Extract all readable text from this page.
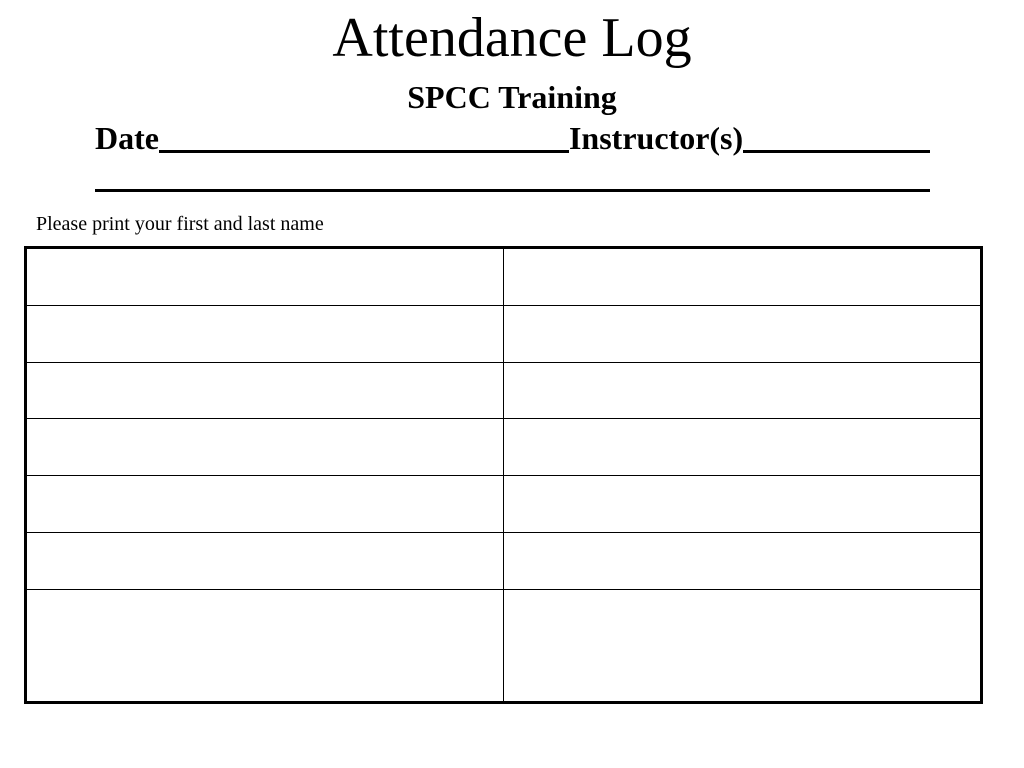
Attendance Log
SPCC Training
Date	Instructor(s)
Please print your first and last name
